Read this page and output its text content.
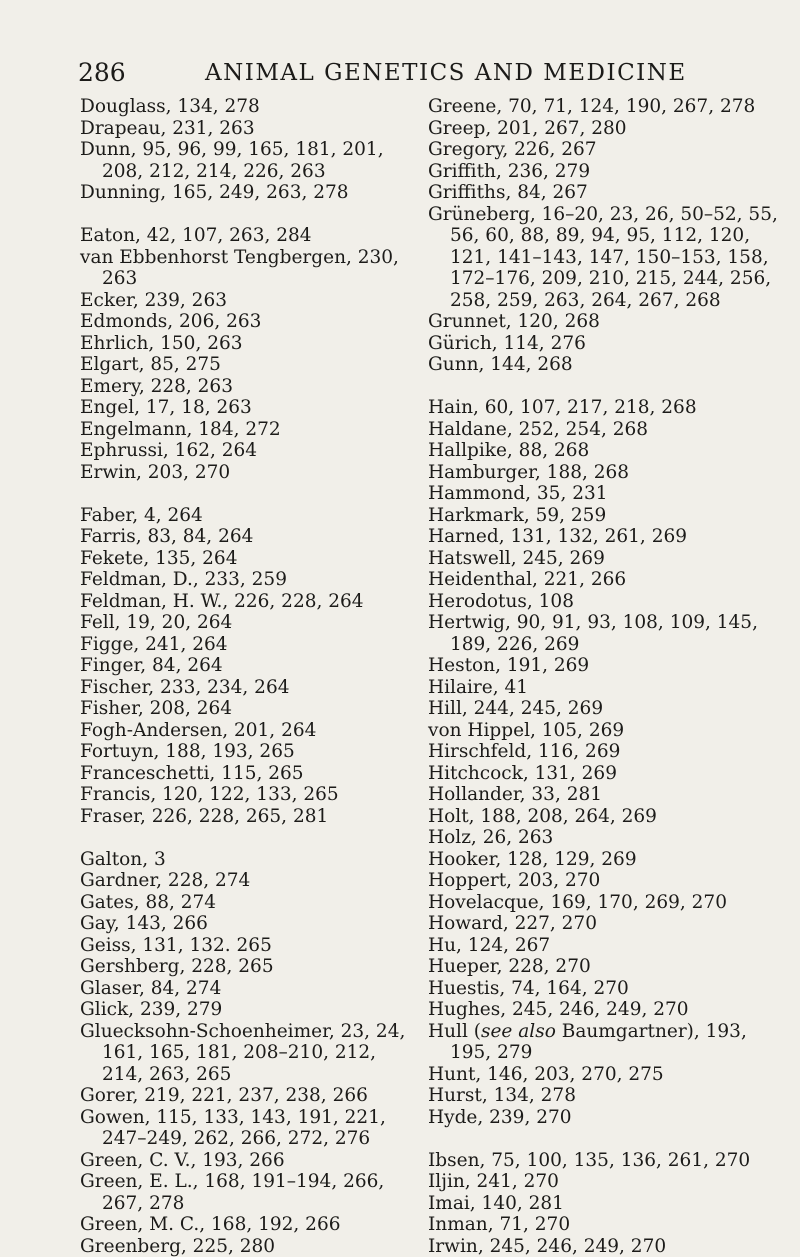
286	ANIMAL GENETICS AND MEDICINE
Douglass, 134, 278
Drapeau, 231, 263
Dunn, 95, 96, 99, 165, 181, 201, 208, 212, 214, 226, 263
Dunning, 165, 249, 263, 278
Eaton, 42, 107, 263, 284
van Ebbenhorst Tengbergen, 230, 263
Ecker, 239, 263
Edmonds, 206, 263
Ehrlich, 150, 263
Elgart, 85, 275
Emery, 228, 263
Engel, 17, 18, 263
Engelmann, 184, 272
Ephrussi, 162, 264
Erwin, 203, 270
Faber, 4, 264
Farris, 83, 84, 264
Fekete, 135, 264
Feldman, D., 233, 259
Feldman, H. W., 226, 228, 264
Fell, 19, 20, 264
Figge, 241, 264
Finger, 84, 264
Fischer, 233, 234, 264
Fisher, 208, 264
Fogh-Andersen, 201, 264
Fortuyn, 188, 193, 265
Franceschetti, 115, 265
Francis, 120, 122, 133, 265
Fraser, 226, 228, 265, 281
Galton, 3
Gardner, 228, 274
Gates, 88, 274
Gay, 143, 266
Geiss, 131, 132. 265
Gershberg, 228, 265
Glaser, 84, 274
Glick, 239, 279
Gluecksohn-Schoenheimer, 23, 24, 161, 165, 181, 208–210, 212, 214, 263, 265
Gorer, 219, 221, 237, 238, 266
Gowen, 115, 133, 143, 191, 221, 247–249, 262, 266, 272, 276
Green, C. V., 193, 266
Green, E. L., 168, 191–194, 266, 267, 278
Green, M. C., 168, 192, 266
Greenberg, 225, 280
Greene, 70, 71, 124, 190, 267, 278
Greep, 201, 267, 280
Gregory, 226, 267
Griffith, 236, 279
Griffiths, 84, 267
Grüneberg, 16–20, 23, 26, 50–52, 55, 56, 60, 88, 89, 94, 95, 112, 120, 121, 141–143, 147, 150–153, 158, 172–176, 209, 210, 215, 244, 256, 258, 259, 263, 264, 267, 268
Grunnet, 120, 268
Gürich, 114, 276
Gunn, 144, 268
Hain, 60, 107, 217, 218, 268
Haldane, 252, 254, 268
Hallpike, 88, 268
Hamburger, 188, 268
Hammond, 35, 231
Harkmark, 59, 259
Harned, 131, 132, 261, 269
Hatswell, 245, 269
Heidenthal, 221, 266
Herodotus, 108
Hertwig, 90, 91, 93, 108, 109, 145, 189, 226, 269
Heston, 191, 269
Hilaire, 41
Hill, 244, 245, 269
von Hippel, 105, 269
Hirschfeld, 116, 269
Hitchcock, 131, 269
Hollander, 33, 281
Holt, 188, 208, 264, 269
Holz, 26, 263
Hooker, 128, 129, 269
Hoppert, 203, 270
Hovelacque, 169, 170, 269, 270
Howard, 227, 270
Hu, 124, 267
Hueper, 228, 270
Huestis, 74, 164, 270
Hughes, 245, 246, 249, 270
Hull (see also Baumgartner), 193, 195, 279
Hunt, 146, 203, 270, 275
Hurst, 134, 278
Hyde, 239, 270
Ibsen, 75, 100, 135, 136, 261, 270
Iljin, 241, 270
Imai, 140, 281
Inman, 71, 270
Irwin, 245, 246, 249, 270
